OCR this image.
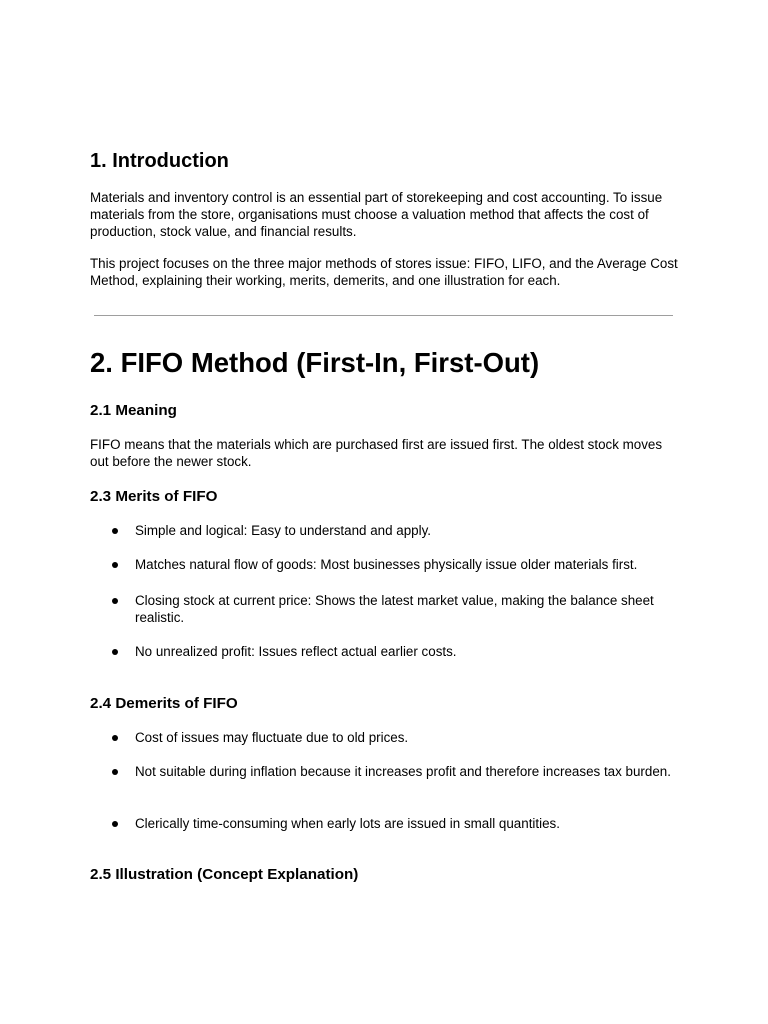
1. Introduction

Materials and inventory control is an essential part of storekeeping and cost accounting. To issue materials from the store, organisations must choose a valuation method that affects the cost of production, stock value, and financial results.

This project focuses on the three major methods of stores issue: FIFO, LIFO, and the Average Cost Method, explaining their working, merits, demerits, and one illustration for each.

2. FIFO Method (First-In, First-Out)
2.1 Meaning

FIFO means that the materials which are purchased first are issued first. The oldest stock moves out before the newer stock.

2.3 Merits of FIFO
Simple and logical: Easy to understand and apply.
Matches natural flow of goods: Most businesses physically issue older materials first.
Closing stock at current price: Shows the latest market value, making the balance sheet realistic.
No unrealized profit: Issues reflect actual earlier costs.
2.4 Demerits of FIFO
Cost of issues may fluctuate due to old prices.
Not suitable during inflation because it increases profit and therefore increases tax burden.
Clerically time-consuming when early lots are issued in small quantities.
2.5 Illustration (Concept Explanation)
